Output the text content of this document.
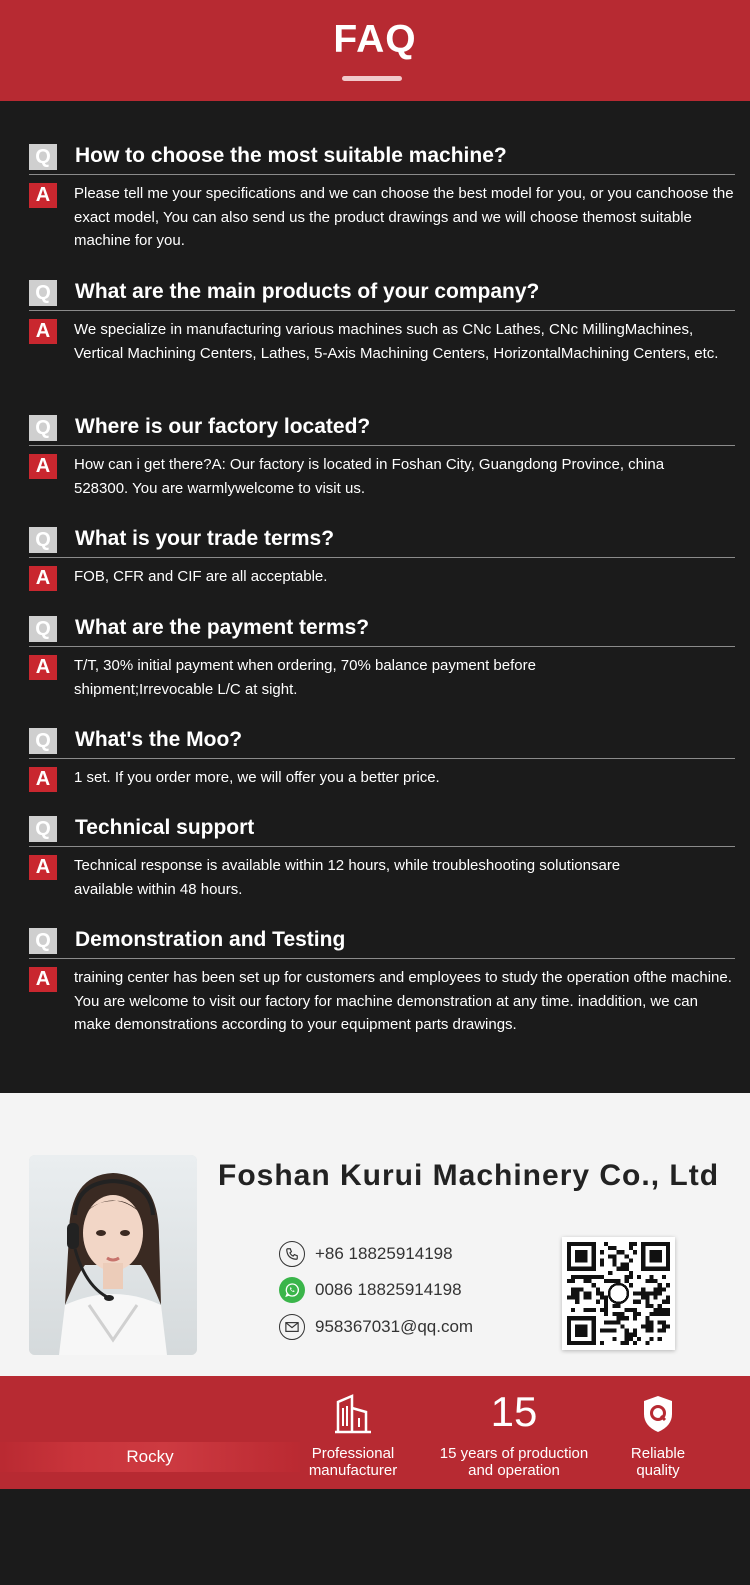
FAQ
Q How to choose the most suitable machine?
A	Please tell me your specifications and we can choose the best model for you, or you canchoose the exact model, You can also send us the product drawings and we will choose themost suitable machine for you.
Q What are the main products of your company?
A	We specialize in manufacturing various machines such as CNc Lathes, CNc MillingMachines, Vertical Machining Centers, Lathes, 5-Axis Machining Centers, HorizontalMachining Centers, etc.
Q Where is our factory located?
A	How can i get there?A: Our factory is located in Foshan City, Guangdong Province, china 528300. You are warmlywelcome to visit us.
Q What is your trade terms?
A	FOB, CFR and CIF are all acceptable.
Q What are the payment terms?
A	T/T, 30% initial payment when ordering, 70% balance payment before shipment;Irrevocable L/C at sight.
Q What's the Moo?
A	1 set. If you order more, we will offer you a better price.
Q Technical support
A	Technical response is available within 12 hours, while troubleshooting solutionsare available within 48 hours.
Q Demonstration and Testing
A	training center has been set up for customers and employees to study the operation ofthe machine. You are welcome to visit our factory for machine demonstration at any time. inaddition, we can make demonstrations according to your equipment parts drawings.
Foshan Kurui Machinery Co., Ltd
+86 18825914198
0086 18825914198
958367031@qq.com
Rocky	Professional
manufacturer
15
15 years of production
and operation
Reliable
quality
